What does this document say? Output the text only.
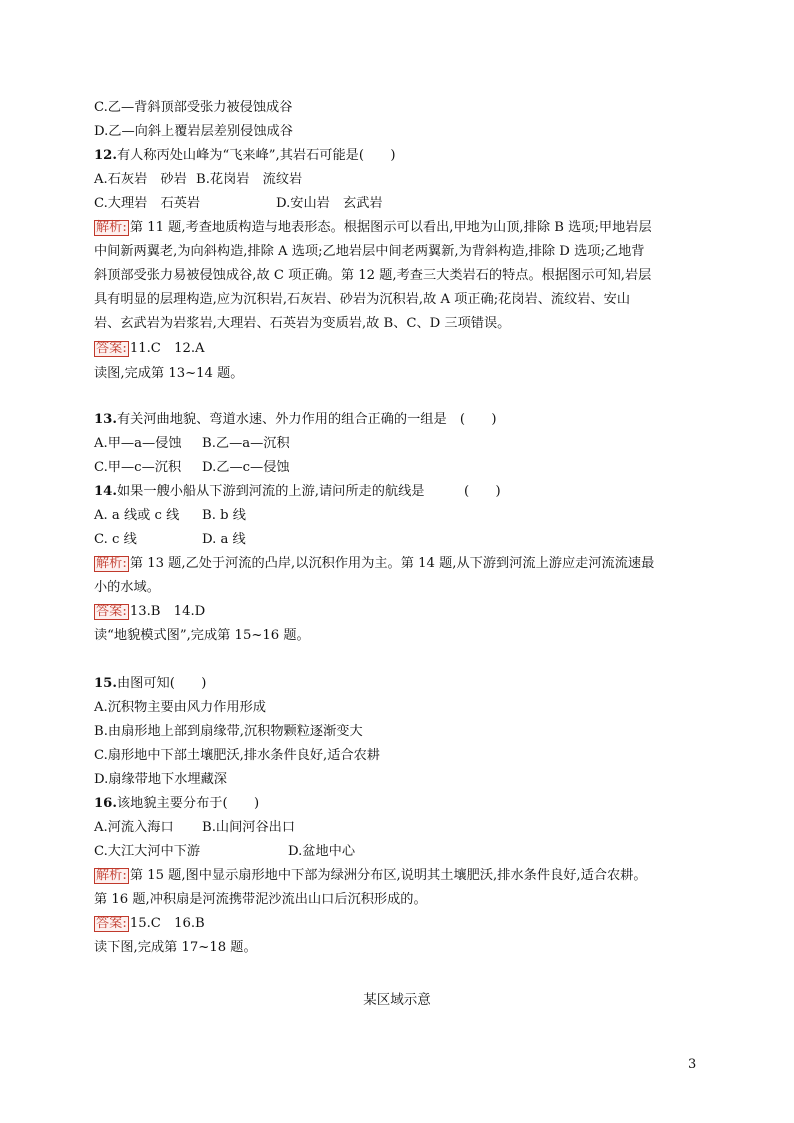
C.乙—背斜顶部受张力被侵蚀成谷
D.乙—向斜上覆岩层差别侵蚀成谷
12.有人称丙处山峰为“飞来峰”,其岩石可能是(　　)
A.石灰岩　砂岩 B.花岗岩　流纹岩
C.大理岩　石英岩	D.安山岩　玄武岩
解析: 第 11 题,考查地质构造与地表形态。根据图示可以看出,甲地为山顶,排除 B 选项;甲地岩层
中间新两翼老,为向斜构造,排除 A 选项;乙地岩层中间老两翼新,为背斜构造,排除 D 选项;乙地背
斜顶部受张力易被侵蚀成谷,故 C 项正确。第 12 题,考查三大类岩石的特点。根据图示可知,岩层
具有明显的层理构造,应为沉积岩,石灰岩、砂岩为沉积岩,故 A 项正确;花岗岩、流纹岩、安山
岩、玄武岩为岩浆岩,大理岩、石英岩为变质岩,故 B、C、D 三项错误。
答案: 11.C　12.A
读图,完成第 13~14 题。
13.有关河曲地貌、弯道水速、外力作用的组合正确的一组是　(　　)
A.甲—a—侵蚀 B.乙—a—沉积
C.甲—c—沉积 D.乙—c—侵蚀
14.如果一艘小船从下游到河流的上游,请问所走的航线是　　　(　　)
A. a 线或 c 线 B. b 线
C. c 线	D. a 线
解析: 第 13 题,乙处于河流的凸岸,以沉积作用为主。第 14 题,从下游到河流上游应走河流流速最
小的水域。
答案: 13.B　14.D
读“地貌模式图”,完成第 15~16 题。
15.由图可知(　　)
A.沉积物主要由风力作用形成
B.由扇形地上部到扇缘带,沉积物颗粒逐渐变大
C.扇形地中下部土壤肥沃,排水条件良好,适合农耕
D.扇缘带地下水埋藏深
16.该地貌主要分布于(　　)
A.河流入海口 B.山间河谷出口
C.大江大河中下游	D.盆地中心
解析: 第 15 题,图中显示扇形地中下部为绿洲分布区,说明其土壤肥沃,排水条件良好,适合农耕。
第 16 题,冲积扇是河流携带泥沙流出山口后沉积形成的。
答案: 15.C　16.B
读下图,完成第 17~18 题。
某区域示意
3
